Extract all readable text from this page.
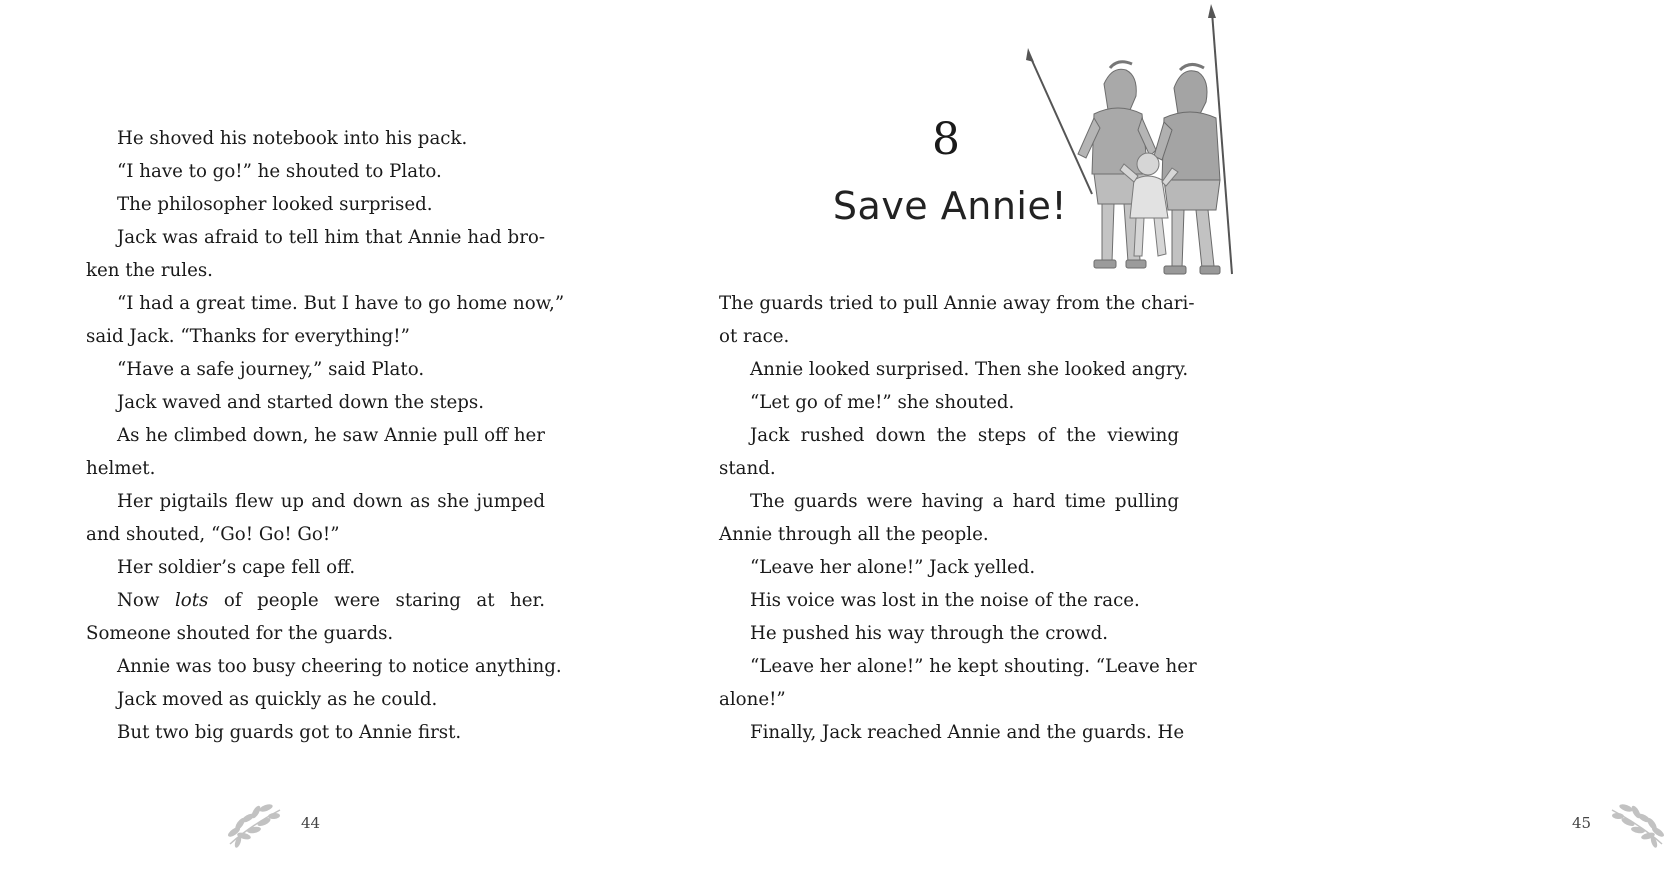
He shoved his notebook into his pack.
“I have to go!” he shouted to Plato.
The philosopher looked surprised.
Jack was afraid to tell him that Annie had bro-
ken the rules.
“I had a great time. But I have to go home now,”
said Jack. “Thanks for everything!”
“Have a safe journey,” said Plato.
Jack waved and started down the steps.
As he climbed down, he saw Annie pull off her
helmet.
Her pigtails flew up and down as she jumped
and shouted, “Go! Go! Go!”
Her soldier’s cape fell off.
Now lots of people were staring at her.
Someone shouted for the guards.
Annie was too busy cheering to notice anything.
Jack moved as quickly as he could.
But two big guards got to Annie first.
44
The guards tried to pull Annie away from the chari-
ot race.
Annie looked surprised. Then she looked angry.
“Let go of me!” she shouted.
Jack rushed down the steps of the viewing
stand.
The guards were having a hard time pulling
Annie through all the people.
“Leave her alone!” Jack yelled.
His voice was lost in the noise of the race.
He pushed his way through the crowd.
“Leave her alone!” he kept shouting. “Leave her
alone!”
Finally, Jack reached Annie and the guards. He
45
8
Save Annie!
